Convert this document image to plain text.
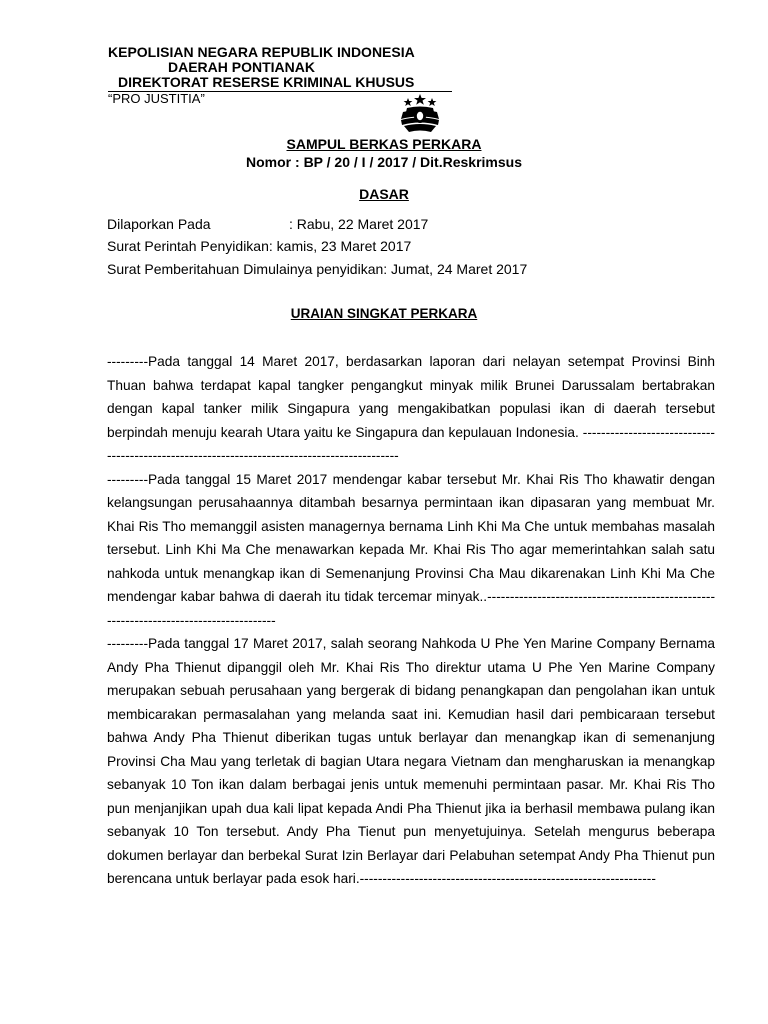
KEPOLISIAN NEGARA REPUBLIK INDONESIA
DAERAH PONTIANAK
DIREKTORAT RESERSE KRIMINAL KHUSUS
“PRO JUSTITIA”
SAMPUL BERKAS PERKARA
Nomor : BP / 20 / I / 2017 / Dit.Reskrimsus
DASAR
Dilaporkan Pada	: Rabu, 22 Maret 2017
Surat Perintah Penyidikan: kamis, 23 Maret 2017
Surat Pemberitahuan Dimulainya penyidikan: Jumat, 24 Maret 2017
URAIAN SINGKAT PERKARA

---------Pada tanggal 14 Maret 2017, berdasarkan laporan dari nelayan setempat Provinsi Binh Thuan bahwa terdapat kapal tangker pengangkut minyak milik Brunei Darussalam bertabrakan dengan kapal tanker milik Singapura yang mengakibatkan populasi ikan di daerah tersebut berpindah menuju kearah Utara yaitu ke Singapura dan kepulauan Indonesia. ---------------------------------------------------------------------------------------------

---------Pada tanggal 15 Maret 2017 mendengar kabar tersebut Mr. Khai Ris Tho khawatir dengan kelangsungan perusahaannya ditambah besarnya permintaan ikan dipasaran yang membuat Mr. Khai Ris Tho memanggil asisten managernya bernama Linh Khi Ma Che untuk membahas masalah tersebut. Linh Khi Ma Che menawarkan kepada Mr. Khai Ris Tho agar memerintahkan salah satu nahkoda untuk menangkap ikan di Semenanjung Provinsi Cha Mau dikarenakan Linh Khi Ma Che mendengar kabar bahwa di daerah itu tidak tercemar minyak..---------------------------------------------------------------------------------------

---------Pada tanggal 17 Maret 2017, salah seorang Nahkoda U Phe Yen Marine Company Bernama Andy Pha Thienut dipanggil oleh Mr. Khai Ris Tho direktur utama U Phe Yen Marine Company merupakan sebuah perusahaan yang bergerak di bidang penangkapan dan pengolahan ikan untuk membicarakan permasalahan yang melanda saat ini. Kemudian hasil dari pembicaraan tersebut bahwa Andy Pha Thienut diberikan tugas untuk berlayar dan menangkap ikan di semenanjung Provinsi Cha Mau yang terletak di bagian Utara negara Vietnam dan mengharuskan ia menangkap sebanyak 10 Ton ikan dalam berbagai jenis untuk memenuhi permintaan pasar. Mr. Khai Ris Tho pun menjanjikan upah dua kali lipat kepada Andi Pha Thienut jika ia berhasil membawa pulang ikan sebanyak 10 Ton tersebut. Andy Pha Tienut pun menyetujuinya. Setelah mengurus beberapa dokumen berlayar dan berbekal Surat Izin Berlayar dari Pelabuhan setempat Andy Pha Thienut pun berencana untuk berlayar pada esok hari.-----------------------------------------------------------------
